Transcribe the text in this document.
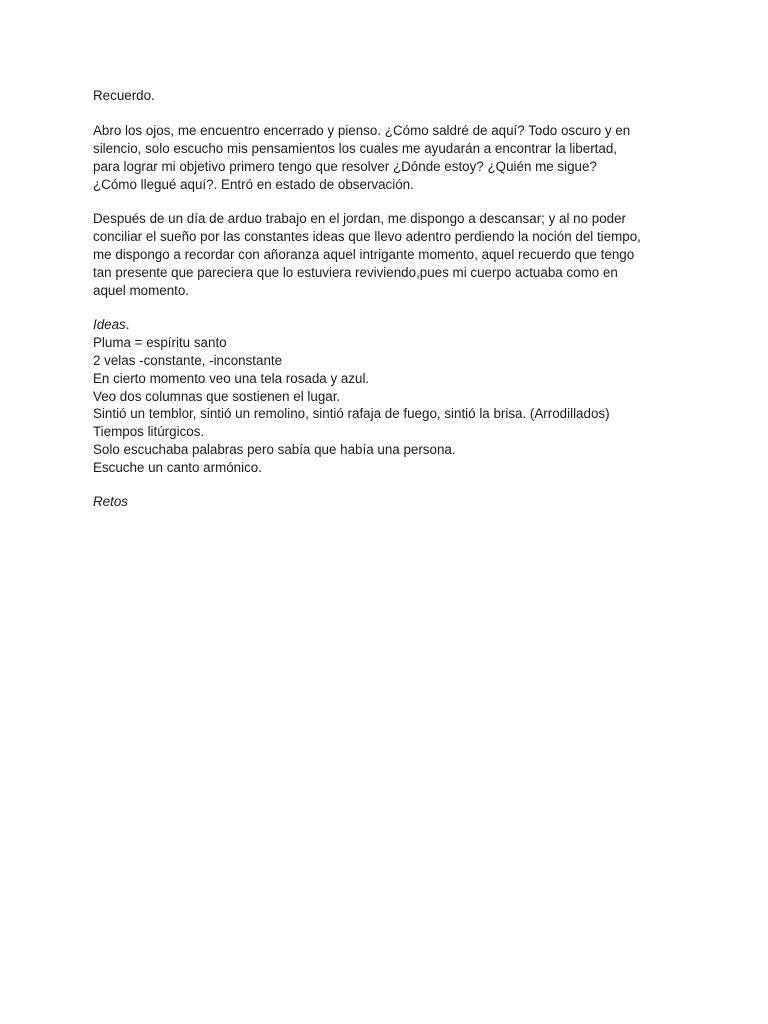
Recuerdo.
Abro los ojos, me encuentro encerrado y pienso. ¿Cómo saldré de aquí? Todo oscuro y en
silencio, solo escucho mis pensamientos los cuales me ayudarán a encontrar la libertad,
para lograr mi objetivo primero tengo que resolver ¿Dónde estoy? ¿Quién me sigue?
¿Cómo llegué aquí?. Entró en estado de observación.
Después de un día de arduo trabajo en el jordan, me dispongo a descansar; y al no poder
conciliar el sueño por las constantes ideas que llevo adentro perdiendo la noción del tiempo,
me dispongo a recordar con añoranza aquel intrigante momento, aquel recuerdo que tengo
tan presente que pareciera que lo estuviera reviviendo,pues mi cuerpo actuaba como en
aquel momento.
Ideas.
Pluma = espíritu santo
2 velas -constante, -inconstante
En cierto momento veo una tela rosada y azul.
Veo dos columnas que sostienen el lugar.
Sintió un temblor, sintió un remolino, sintió rafaja de fuego, sintió la brisa. (Arrodillados)
Tiempos litúrgicos.
Solo escuchaba palabras pero sabía que había una persona.
Escuche un canto armónico.
Retos
